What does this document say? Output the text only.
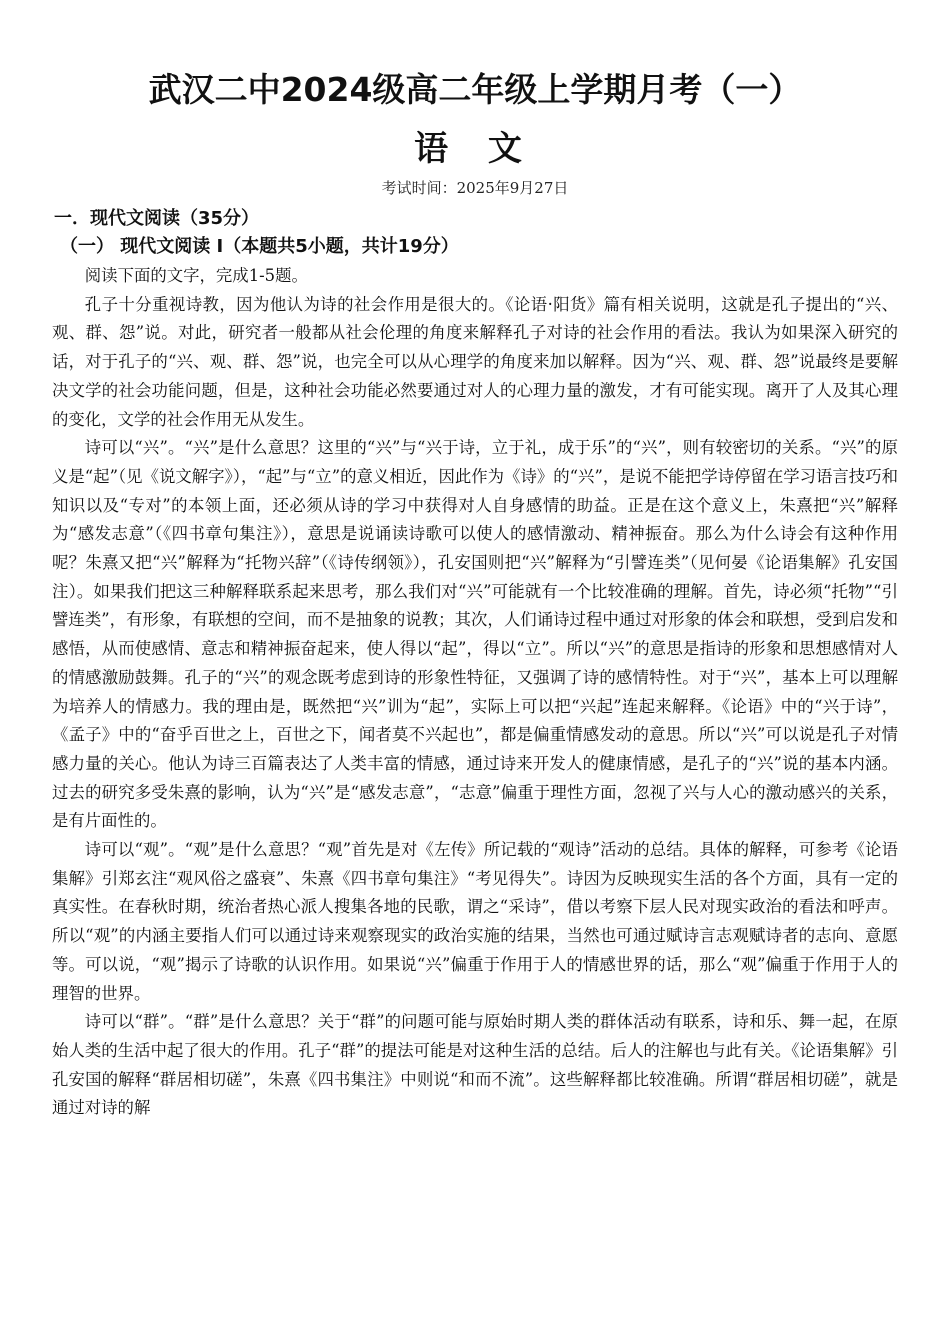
武汉二中2024级高二年级上学期月考（一）
语 文
考试时间：2025年9月27日
一．现代文阅读（35分）
（一） 现代文阅读 I（本题共5小题，共计19分）

阅读下面的文字，完成1-5题。

孔子十分重视诗教，因为他认为诗的社会作用是很大的。《论语·阳货》篇有相关说明，这就是孔子提出的“兴、观、群、怨”说。对此，研究者一般都从社会伦理的角度来解释孔子对诗的社会作用的看法。我认为如果深入研究的话，对于孔子的“兴、观、群、怨”说，也完全可以从心理学的角度来加以解释。因为“兴、观、群、怨”说最终是要解决文学的社会功能问题，但是，这种社会功能必然要通过对人的心理力量的激发，才有可能实现。离开了人及其心理的变化，文学的社会作用无从发生。

诗可以“兴”。“兴”是什么意思？这里的“兴”与“兴于诗，立于礼，成于乐”的“兴”，则有较密切的关系。“兴”的原义是“起”（见《说文解字》），“起”与“立”的意义相近，因此作为《诗》的“兴”，是说不能把学诗停留在学习语言技巧和知识以及“专对”的本领上面，还必须从诗的学习中获得对人自身感情的助益。正是在这个意义上，朱熹把“兴”解释为“感发志意”（《四书章句集注》），意思是说诵读诗歌可以使人的感情激动、精神振奋。那么为什么诗会有这种作用呢？朱熹又把“兴”解释为“托物兴辞”（《诗传纲领》），孔安国则把“兴”解释为“引譬连类”（见何晏《论语集解》孔安国注）。如果我们把这三种解释联系起来思考，那么我们对“兴”可能就有一个比较准确的理解。首先，诗必须“托物”“引譬连类”，有形象，有联想的空间，而不是抽象的说教；其次，人们诵诗过程中通过对形象的体会和联想，受到启发和感悟，从而使感情、意志和精神振奋起来，使人得以“起”，得以“立”。所以“兴”的意思是指诗的形象和思想感情对人的情感激励鼓舞。孔子的“兴”的观念既考虑到诗的形象性特征，又强调了诗的感情特性。对于“兴”，基本上可以理解为培养人的情感力。我的理由是，既然把“兴”训为“起”，实际上可以把“兴起”连起来解释。《论语》中的“兴于诗”，《孟子》中的“奋乎百世之上，百世之下，闻者莫不兴起也”，都是偏重情感发动的意思。所以“兴”可以说是孔子对情感力量的关心。他认为诗三百篇表达了人类丰富的情感，通过诗来开发人的健康情感，是孔子的“兴”说的基本内涵。过去的研究多受朱熹的影响，认为“兴”是“感发志意”，“志意”偏重于理性方面，忽视了兴与人心的激动感兴的关系，是有片面性的。

诗可以“观”。“观”是什么意思？“观”首先是对《左传》所记载的“观诗”活动的总结。具体的解释，可参考《论语集解》引郑玄注“观风俗之盛衰”、朱熹《四书章句集注》“考见得失”。诗因为反映现实生活的各个方面，具有一定的真实性。在春秋时期，统治者热心派人搜集各地的民歌，谓之“采诗”，借以考察下层人民对现实政治的看法和呼声。所以“观”的内涵主要指人们可以通过诗来观察现实的政治实施的结果，当然也可通过赋诗言志观赋诗者的志向、意愿等。可以说，“观”揭示了诗歌的认识作用。如果说“兴”偏重于作用于人的情感世界的话，那么“观”偏重于作用于人的理智的世界。

诗可以“群”。“群”是什么意思？关于“群”的问题可能与原始时期人类的群体活动有联系，诗和乐、舞一起，在原始人类的生活中起了很大的作用。孔子“群”的提法可能是对这种生活的总结。后人的注解也与此有关。《论语集解》引孔安国的解释“群居相切磋”，朱熹《四书集注》中则说“和而不流”。这些解释都比较准确。所谓“群居相切磋”，就是通过对诗的解
